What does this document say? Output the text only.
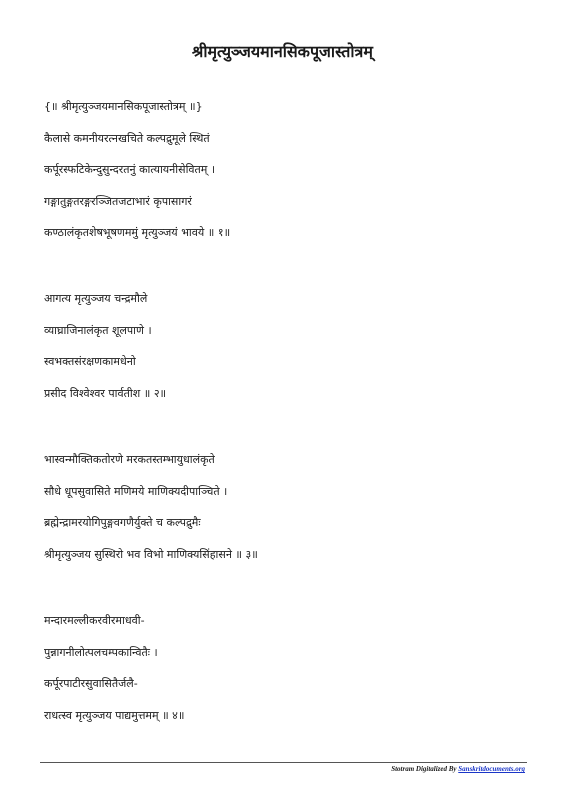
श्रीमृत्युञ्जयमानसिकपूजास्तोत्रम्
{॥ श्रीमृत्युञ्जयमानसिकपूजास्तोत्रम् ॥}
कैलासे कमनीयरत्नखचिते कल्पद्रुमूले स्थितं
कर्पूरस्फटिकेन्दुसुन्दरतनुं कात्यायनीसेवितम् ।
गङ्गातुङ्गतरङ्गरञ्जितजटाभारं कृपासागरं
कण्ठालंकृतशेषभूषणममुं मृत्युञ्जयं भावये ॥ १॥
आगत्य मृत्युञ्जय चन्द्रमौले
व्याघ्राजिनालंकृत शूलपाणे ।
स्वभक्तसंरक्षणकामधेनो
प्रसीद विश्वेश्वर पार्वतीश ॥ २॥
भास्वन्मौक्तिकतोरणे मरकतस्तम्भायुधालंकृते
सौधे धूपसुवासिते मणिमये माणिक्यदीपाञ्चिते ।
ब्रह्मेन्द्रामरयोगिपुङ्गवगणैर्युक्ते च कल्पद्रुमैः
श्रीमृत्युञ्जय सुस्थिरो भव विभो माणिक्यसिंहासने ॥ ३॥
मन्दारमल्लीकरवीरमाधवी-
पुन्नागनीलोत्पलचम्पकान्वितैः ।
कर्पूरपाटीरसुवासितैर्जलै-
राधत्स्व मृत्युञ्जय पाद्यमुत्तमम् ॥ ४॥
Stotram Digitalized By Sanskritdocuments.org
